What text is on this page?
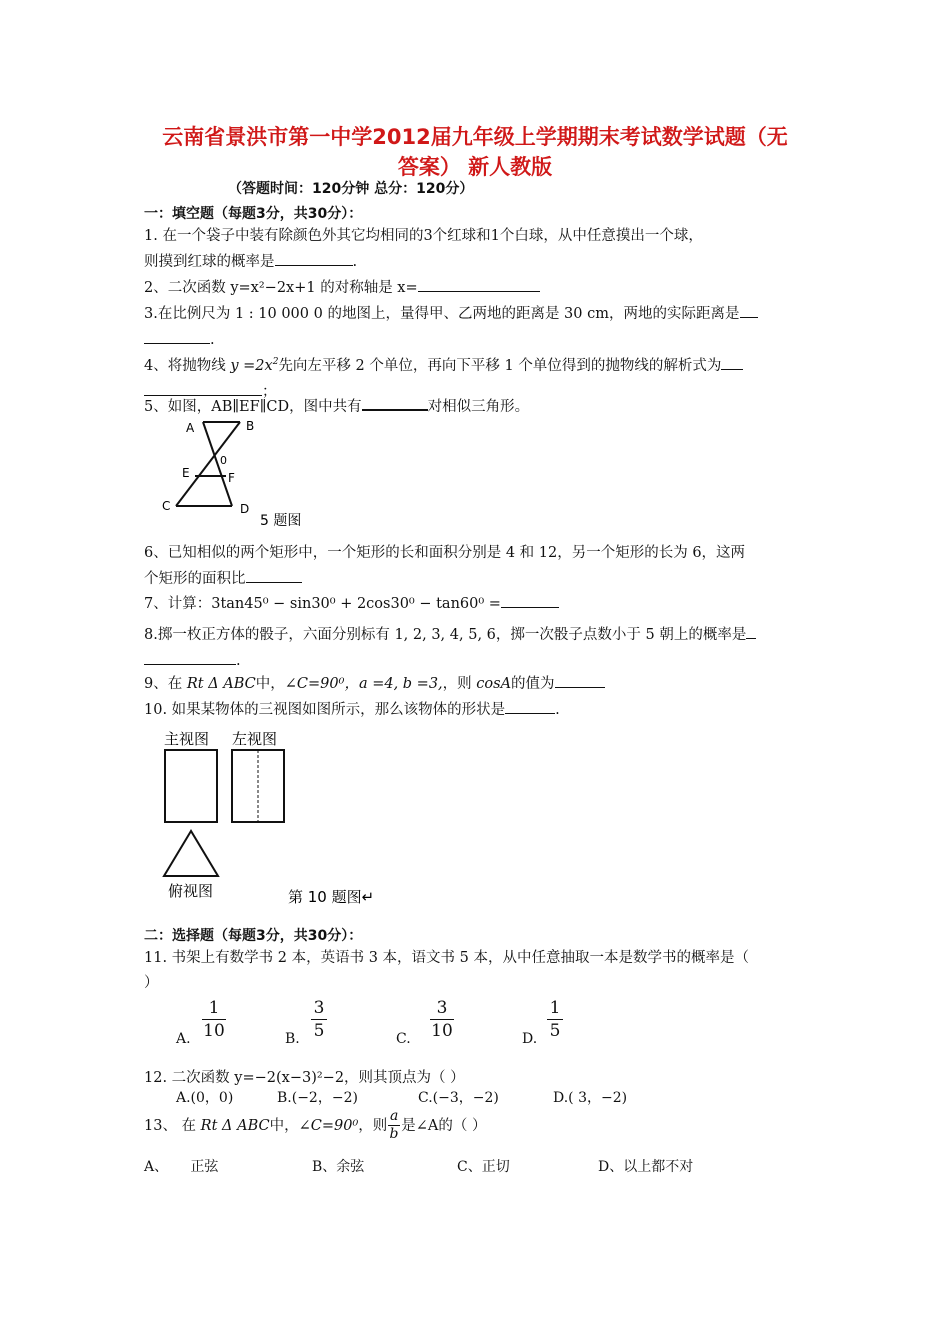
云南省景洪市第一中学2012届九年级上学期期末考试数学试题（无
答案） 新人教版
（答题时间：120分钟 总分：120分）
一：填空题（每题3分，共30分）：
1. 在一个袋子中装有除颜色外其它均相同的3个红球和1个白球，从中任意摸出一个球，
则摸到红球的概率是	.
2、二次函数 y=x²−2x+1 的对称轴是 x=
3.在比例尺为 1 : 10 000 0 的地图上，量得甲、乙两地的距离是 30 cm，两地的实际距离是
.
4、将抛物线 $y =2x^2$先向左平移 2 个单位，再向下平移 1 个单位得到的抛物线的解析式为
；
5、如图，AB∥EF∥CD，图中共有	对相似三角形。
A	B
0
E	F
C	D
5 题图
6、已知相似的两个矩形中，一个矩形的长和面积分别是 4 和 12，另一个矩形的长为 6，这两
个矩形的面积比
7、计算：3tan45⁰ − sin30⁰ + 2cos30⁰ − tan60⁰ =
8.掷一枚正方体的骰子，六面分别标有 1, 2, 3, 4, 5, 6，掷一次骰子点数小于 5 朝上的概率是
.
9、在 Rt Δ ABC中，∠C=90⁰，a =4, b =3,，则 cosA的值为
10. 如果某物体的三视图如图所示，那么该物体的形状是	.
主视图 左视图
俯视图	第 10 题图↵
二：选择题（每题3分，共30分）：
11. 书架上有数学书 2 本，英语书 3 本，语文书 5 本，从中任意抽取一本是数学书的概率是（
）
A. $\frac{1}{10}$	B. $\frac{3}{5}$	C. $\frac{3}{10}$	D. $\frac{1}{5}$
12. 二次函数 y=−2(x−3)²−2，则其顶点为（ ）
A.(0，0)	B.(−2，−2)	C.(−3，−2)	D.( 3，−2)
13、 在 Rt Δ ABC中，∠C=90⁰，则 是∠A的（ ）
$\frac{a}{b}$
A、     正弦	B、余弦	C、正切	D、以上都不对
